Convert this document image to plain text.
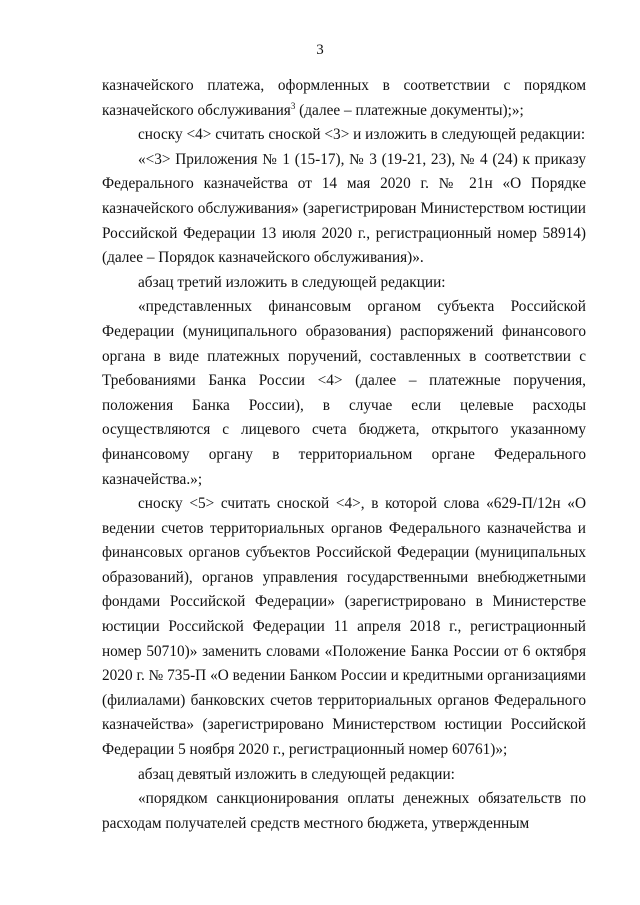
3

казначейского платежа, оформленных в соответствии с порядком казначейского обслуживания$^3$ (далее – платежные документы);»;

сноску <4> считать сноской <3> и изложить в следующей редакции:

«<3> Приложения № 1 (15-17), № 3 (19-21, 23), № 4 (24) к приказу Федерального казначейства от 14 мая 2020 г. № 21н «О Порядке казначейского обслуживания» (зарегистрирован Министерством юстиции Российской Федерации 13 июля 2020 г., регистрационный номер 58914) (далее – Порядок казначейского обслуживания)».

абзац третий изложить в следующей редакции:

«представленных финансовым органом субъекта Российской Федерации (муниципального образования) распоряжений финансового органа в виде платежных поручений, составленных в соответствии с Требованиями Банка России <4> (далее – платежные поручения, положения Банка России), в случае если целевые расходы осуществляются с лицевого счета бюджета, открытого указанному финансовому органу в территориальном органе Федерального казначейства.»;

сноску <5> считать сноской <4>, в которой слова «629-П/12н «О ведении счетов территориальных органов Федерального казначейства и финансовых органов субъектов Российской Федерации (муниципальных образований), органов управления государственными внебюджетными фондами Российской Федерации» (зарегистрировано в Министерстве юстиции Российской Федерации 11 апреля 2018 г., регистрационный номер 50710)» заменить словами «Положение Банка России от 6 октября 2020 г. № 735-П «О ведении Банком России и кредитными организациями (филиалами) банковских счетов территориальных органов Федерального казначейства» (зарегистрировано Министерством юстиции Российской Федерации 5 ноября 2020 г., регистрационный номер 60761)»;

абзац девятый изложить в следующей редакции:

«порядком санкционирования оплаты денежных обязательств по расходам получателей средств местного бюджета, утвержденным
